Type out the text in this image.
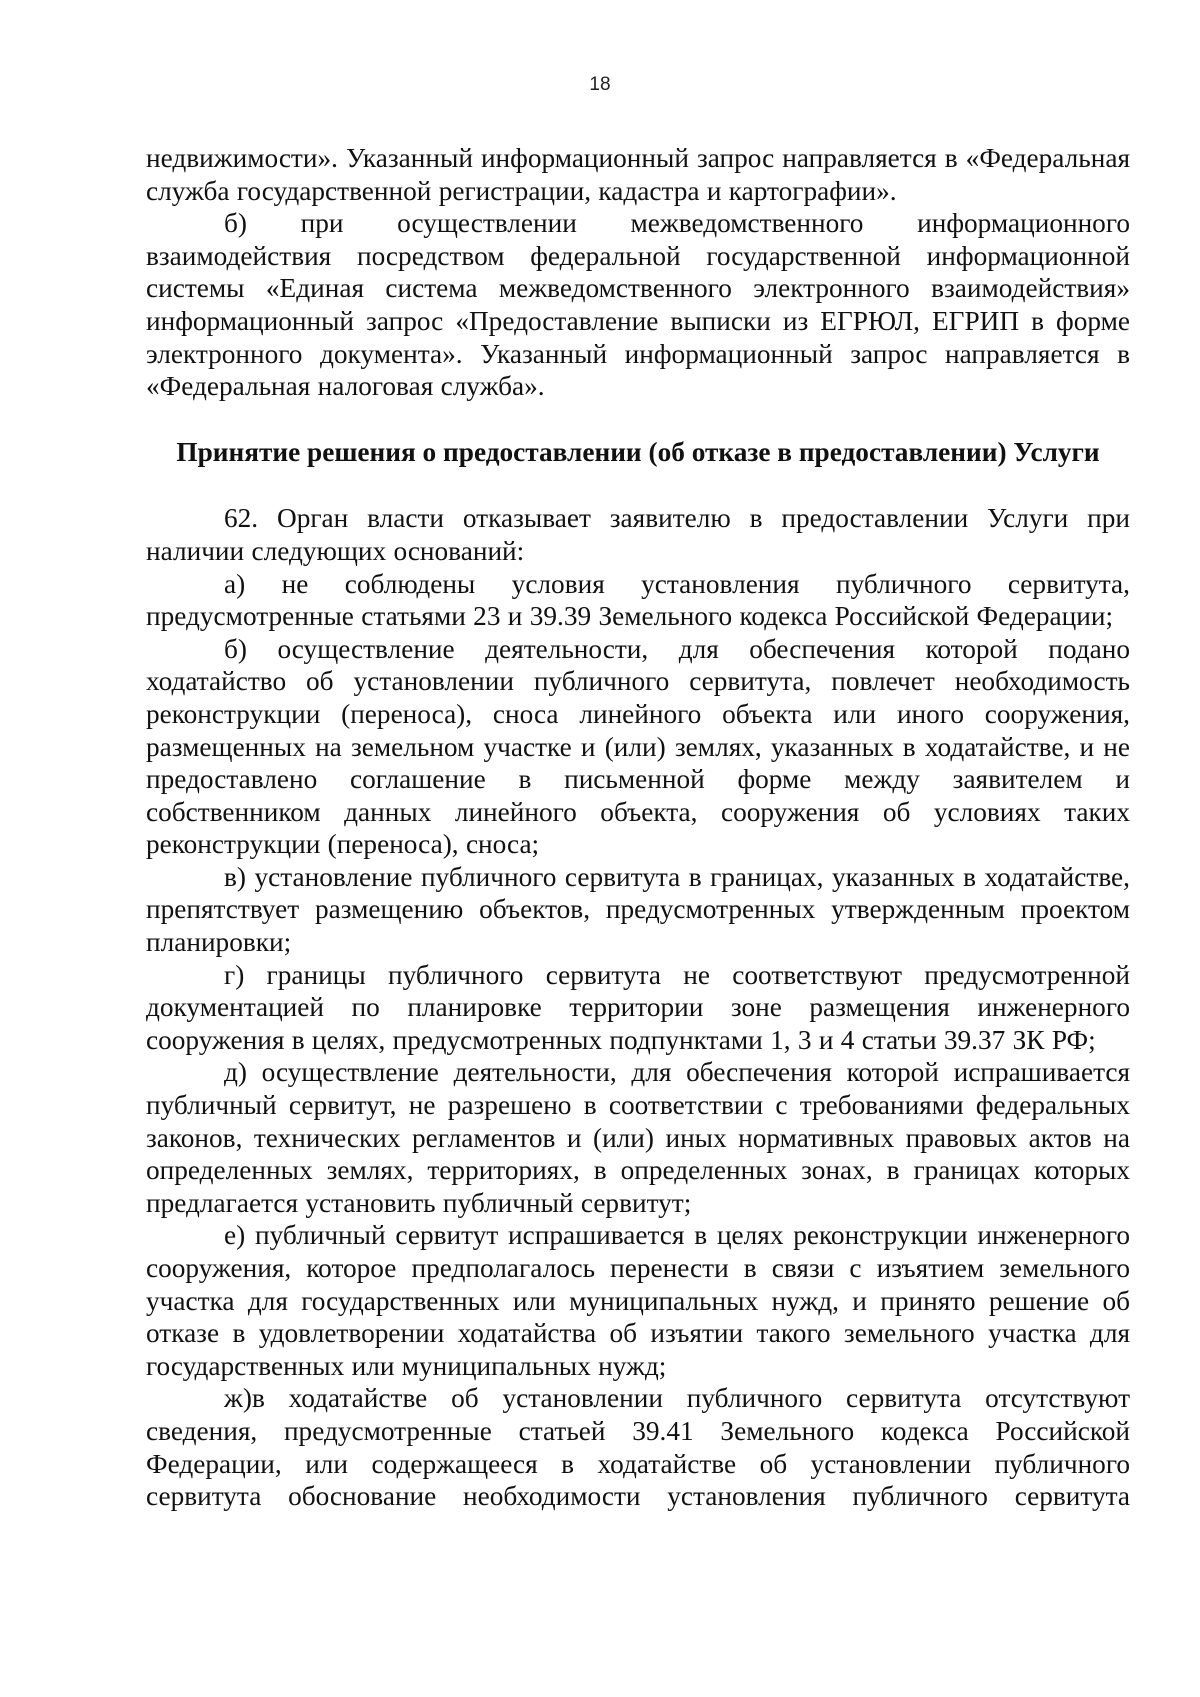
18

недвижимости». Указанный информационный запрос направляется в «Федеральная служба государственной регистрации, кадастра и картографии».

б) при осуществлении межведомственного информационного взаимодействия посредством федеральной государственной информационной системы «Единая система межведомственного электронного взаимодействия» информационный запрос «Предоставление выписки из ЕГРЮЛ, ЕГРИП в форме электронного документа». Указанный информационный запрос направляется в «Федеральная налоговая служба».

Принятие решения о предоставлении (об отказе в предоставлении) Услуги

62. Орган власти отказывает заявителю в предоставлении Услуги при наличии следующих оснований:

а) не соблюдены условия установления публичного сервитута, предусмотренные статьями 23 и 39.39 Земельного кодекса Российской Федерации;

б) осуществление деятельности, для обеспечения которой подано ходатайство об установлении публичного сервитута, повлечет необходимость реконструкции (переноса), сноса линейного объекта или иного сооружения, размещенных на земельном участке и (или) землях, указанных в ходатайстве, и не предоставлено соглашение в письменной форме между заявителем и собственником данных линейного объекта, сооружения об условиях таких реконструкции (переноса), сноса;

в) установление публичного сервитута в границах, указанных в ходатайстве, препятствует размещению объектов, предусмотренных утвержденным проектом планировки;

г) границы публичного сервитута не соответствуют предусмотренной документацией по планировке территории зоне размещения инженерного сооружения в целях, предусмотренных подпунктами 1, 3 и 4 статьи 39.37 ЗК РФ;

д) осуществление деятельности, для обеспечения которой испрашивается публичный сервитут, не разрешено в соответствии с требованиями федеральных законов, технических регламентов и (или) иных нормативных правовых актов на определенных землях, территориях, в определенных зонах, в границах которых предлагается установить публичный сервитут;

е) публичный сервитут испрашивается в целях реконструкции инженерного сооружения, которое предполагалось перенести в связи с изъятием земельного участка для государственных или муниципальных нужд, и принято решение об отказе в удовлетворении ходатайства об изъятии такого земельного участка для государственных или муниципальных нужд;

ж)в ходатайстве об установлении публичного сервитута отсутствуют сведения, предусмотренные статьей 39.41 Земельного кодекса Российской Федерации, или содержащееся в ходатайстве об установлении публичного сервитута обоснование необходимости установления публичного сервитута
